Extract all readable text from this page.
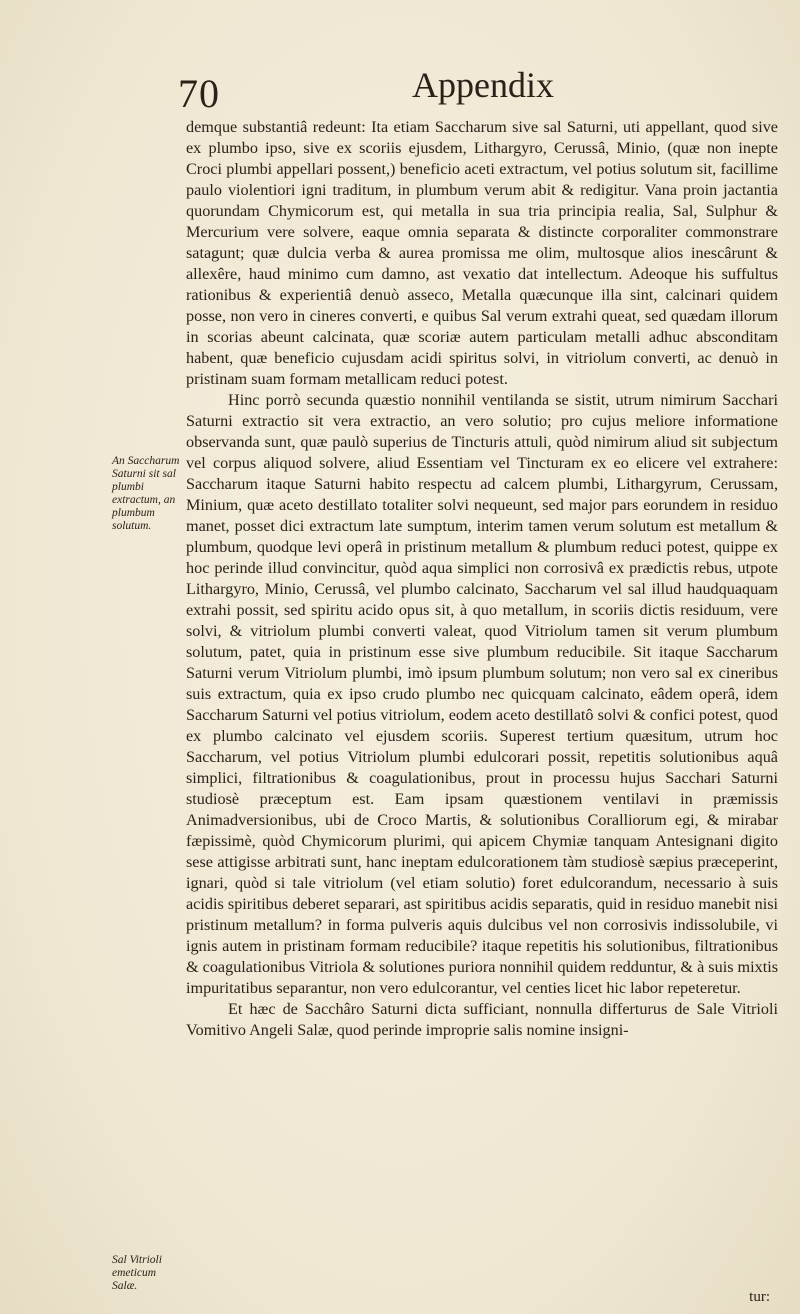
70	Appendix

demque substantiâ redeunt: Ita etiam Saccharum sive sal Saturni, uti appellant, quod sive ex plumbo ipso, sive ex scoriis ejusdem, Lithargyro, Cerussâ, Minio, (quæ non inepte Croci plumbi appellari possent,) beneficio aceti extractum, vel potius solutum sit, facillime paulo violentiori igni traditum, in plumbum verum abit & redigitur. Vana proin jactantia quorundam Chymicorum est, qui metalla in sua tria principia realia, Sal, Sulphur & Mercurium vere solvere, eaque omnia separata & distincte corporaliter commonstrare satagunt; quæ dulcia verba & aurea promissa me olim, multosque alios inescârunt & allexêre, haud minimo cum damno, ast vexatio dat intellectum. Adeoque his suffultus rationibus & experientiâ denuò asseco, Metalla quæcunque illa sint, calcinari quidem posse, non vero in cineres converti, e quibus Sal verum extrahi queat, sed quædam illorum in scorias abeunt calcinata, quæ scoriæ autem particulam metalli adhuc absconditam habent, quæ beneficio cujusdam acidi spiritus solvi, in vitriolum converti, ac denuò in pristinam suam formam metallicam reduci potest.

Hinc porrò secunda quæstio nonnihil ventilanda se sistit, utrum nimirum Sacchari Saturni extractio sit vera extractio, an vero solutio; pro cujus meliore informatione observanda sunt, quæ paulò superius de Tincturis attuli, quòd nimirum aliud sit subjectum vel corpus aliquod solvere, aliud Essentiam vel Tincturam ex eo elicere vel extrahere: Saccharum itaque Saturni habito respectu ad calcem plumbi, Lithargyrum, Cerussam, Minium, quæ aceto destillato totaliter solvi nequeunt, sed major pars eorundem in residuo manet, posset dici extractum late sumptum, interim tamen verum solutum est metallum & plumbum, quodque levi operâ in pristinum metallum & plumbum reduci potest, quippe ex hoc perinde illud convincitur, quòd aqua simplici non corrosivâ ex prædictis rebus, utpote Lithargyro, Minio, Cerussâ, vel plumbo calcinato, Saccharum vel sal illud haudquaquam extrahi possit, sed spiritu acido opus sit, à quo metallum, in scoriis dictis residuum, vere solvi, & vitriolum plumbi converti valeat, quod Vitriolum tamen sit verum plumbum solutum, patet, quia in pristinum esse sive plumbum reducibile. Sit itaque Saccharum Saturni verum Vitriolum plumbi, imò ipsum plumbum solutum; non vero sal ex cineribus suis extractum, quia ex ipso crudo plumbo nec quicquam calcinato, eâdem operâ, idem Saccharum Saturni vel potius vitriolum, eodem aceto destillatô solvi & confici potest, quod ex plumbo calcinato vel ejusdem scoriis. Superest tertium quæsitum, utrum hoc Saccharum, vel potius Vitriolum plumbi edulcorari possit, repetitis solutionibus aquâ simplici, filtrationibus & coagulationibus, prout in processu hujus Sacchari Saturni studiosè præceptum est. Eam ipsam quæstionem ventilavi in præmissis Animadversionibus, ubi de Croco Martis, & solutionibus Coralliorum egi, & mirabar fæpissimè, quòd Chymicorum plurimi, qui apicem Chymiæ tanquam Antesignani digito sese attigisse arbitrati sunt, hanc ineptam edulcorationem tàm studiosè sæpius præceperint, ignari, quòd si tale vitriolum (vel etiam solutio) foret edulcorandum, necessario à suis acidis spiritibus deberet separari, ast spiritibus acidis separatis, quid in residuo manebit nisi pristinum metallum? in forma pulveris aquis dulcibus vel non corrosivis indissolubile, vi ignis autem in pristinam formam reducibile? itaque repetitis his solutionibus, filtrationibus & coagulationibus Vitriola & solutiones puriora nonnihil quidem redduntur, & à suis mixtis impuritatibus separantur, non vero edulcorantur, vel centies licet hic labor repeteretur.

Et hæc de Sacchâro Saturni dicta sufficiant, nonnulla differturus de Sale Vitrioli Vomitivo Angeli Salæ, quod perinde improprie salis nomine insigni-

An Saccharum Saturni sit sal plumbi extractum, an plumbum solutum.
Sal Vitrioli emeticum Salæ.
tur:
